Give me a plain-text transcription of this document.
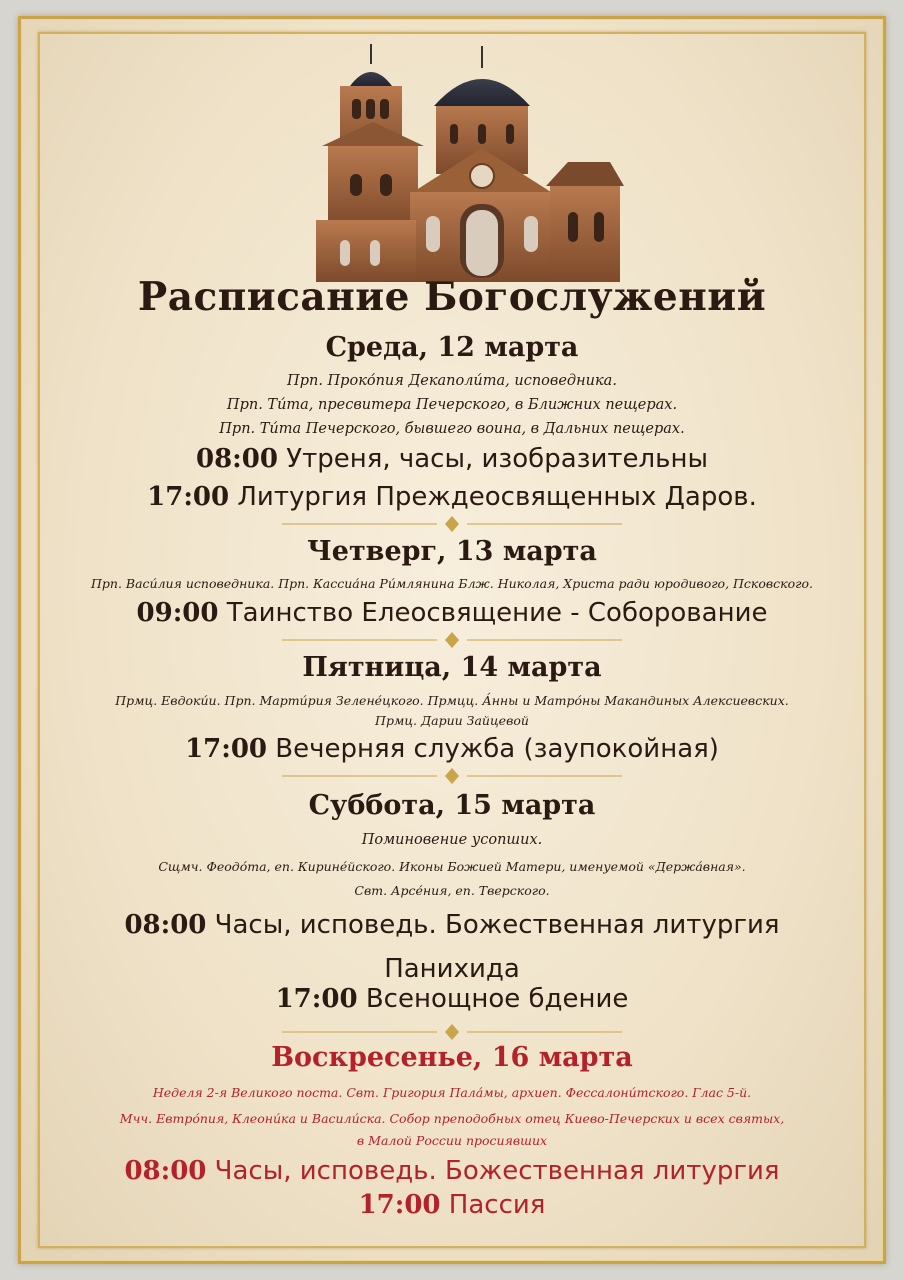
Расписание Богослужений
Среда, 12 марта
Прп. Проко́пия Декаполи́та, исповедника.
Прп. Ти́та, пресвитера Печерского, в Ближних пещерах.
Прп. Ти́та Печерского, бывшего воина, в Дальних пещерах.
08:00 Утреня, часы, изобразительны
17:00 Литургия Преждеосвященных Даров.
Четверг, 13 марта
Прп. Васи́лия исповедника. Прп. Кассиа́на Ри́млянина Блж. Николая, Христа ради юродивого, Псковского.
09:00 Таинство Елеосвящение - Соборование
Пятница, 14 марта
Прмц. Евдоки́и. Прп. Марти́рия Зелене́цкого. Прмцц. А́нны и Матро́ны Макандиных Алексиевских.
Прмц. Дарии Зайцевой
17:00 Вечерняя служба (заупокойная)
Суббота, 15 марта
Поминовение усопших.
Сщмч. Феодо́та, еп. Кирине́йского. Иконы Божией Матери, именуемой «Держа́вная».
Свт. Арсе́ния, еп. Тверского.
08:00 Часы, исповедь. Божественная литургия
Панихида
17:00 Всенощное бдение
Воскресенье, 16 марта
Неделя 2-я Великого поста. Свт. Григория Пала́мы, архиеп. Фессалони́тского. Глас 5-й.
Мчч. Евтро́пия, Клеони́ка и Васили́ска. Собор преподобных отец Киево-Печерских и всех святых,
в Малой России просиявших
08:00 Часы, исповедь. Божественная литургия
17:00 Пассия
